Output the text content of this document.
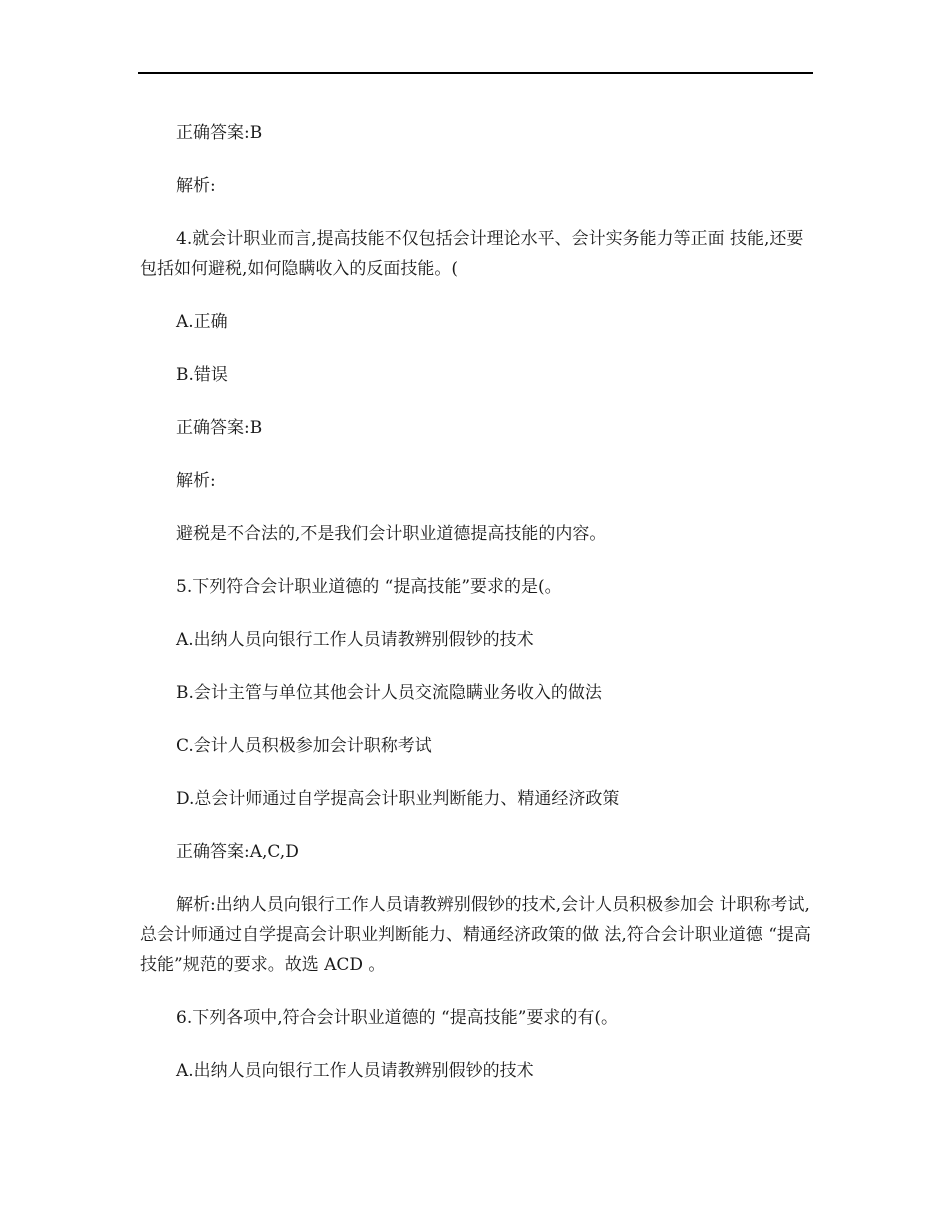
正确答案:B

解析:

4.就会计职业而言,提高技能不仅包括会计理论水平、会计实务能力等正面 技能,还要包括如何避税,如何隐瞒收入的反面技能。(

A.正确

B.错误

正确答案:B

解析:

避税是不合法的,不是我们会计职业道德提高技能的内容。

5.下列符合会计职业道德的 “提高技能”要求的是(。

A.出纳人员向银行工作人员请教辨别假钞的技术

B.会计主管与单位其他会计人员交流隐瞒业务收入的做法

C.会计人员积极参加会计职称考试

D.总会计师通过自学提高会计职业判断能力、精通经济政策

正确答案:A,C,D

解析:出纳人员向银行工作人员请教辨别假钞的技术,会计人员积极参加会 计职称考试,总会计师通过自学提高会计职业判断能力、精通经济政策的做 法,符合会计职业道德 “提高技能”规范的要求。故选 ACD 。

6.下列各项中,符合会计职业道德的 “提高技能”要求的有(。

A.出纳人员向银行工作人员请教辨别假钞的技术
